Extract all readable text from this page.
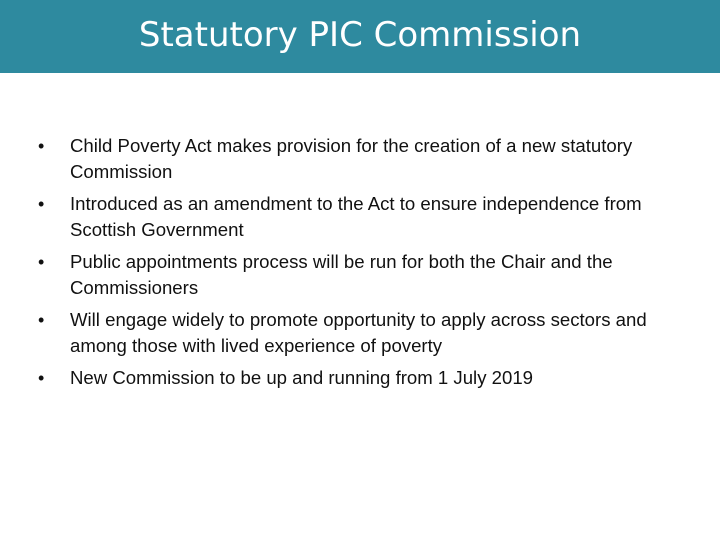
Statutory PIC Commission
• Child Poverty Act makes provision for the creation of a new statutory Commission
• Introduced as an amendment to the Act to ensure independence from Scottish Government
• Public appointments process will be run for both the Chair and the Commissioners
• Will engage widely to promote opportunity to apply across sectors and among those with lived experience of poverty
• New Commission to be up and running from 1 July 2019
